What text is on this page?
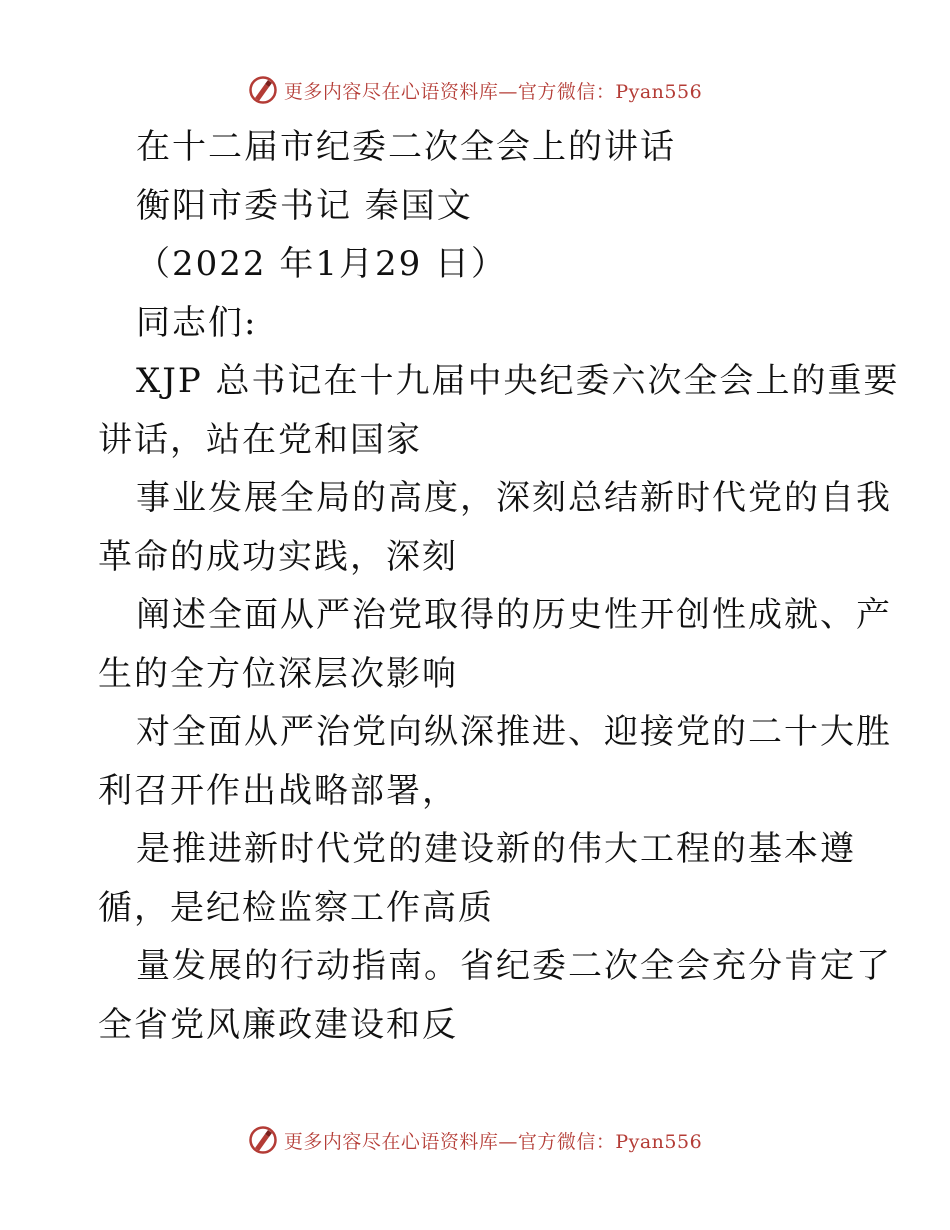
更多内容尽在心语资料库—官方微信：Pyan556
在十二届市纪委二次全会上的讲话
衡阳市委书记 秦国文
（2022 年1月29 日）
同志们:
XJP 总书记在十九届中央纪委六次全会上的重要
讲话，站在党和国家
事业发展全局的高度，深刻总结新时代党的自我
革命的成功实践，深刻
阐述全面从严治党取得的历史性开创性成就、产
生的全方位深层次影响
对全面从严治党向纵深推进、迎接党的二十大胜
利召开作出战略部署，
是推进新时代党的建设新的伟大工程的基本遵
循，是纪检监察工作高质
量发展的行动指南。省纪委二次全会充分肯定了
全省党风廉政建设和反
更多内容尽在心语资料库—官方微信：Pyan556
